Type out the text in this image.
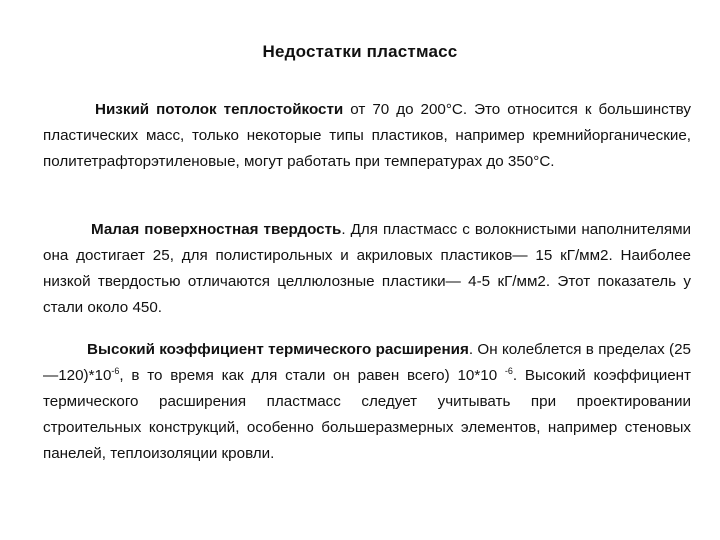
Недостатки пластмасс
Низкий потолок теплостойкости от 70 до 200°С. Это относится к большинству пластических масс, только некоторые типы пластиков, например кремнийорганические, политетрафторэтиленовые, могут работать при температурах до 350°С.
Малая поверхностная твердость. Для пластмасс с волокнистыми наполнителями она достигает 25, для полистирольных и акриловых пластиков— 15 кГ/мм2. Наиболее низкой твердостью отличаются целлюлозные пластики— 4-5 кГ/мм2. Этот показатель у стали около 450.
Высокий коэффициент термического расширения. Он колеблется в пределах $(25—120)*10^{-6}$, в то время как для стали он равен всего) 10*10 $^{-6}$. Высокий коэффициент термического расширения пластмасс следует учитывать при проектировании строительных конструкций, особенно большеразмерных элементов, например стеновых панелей, теплоизоляции кровли.
